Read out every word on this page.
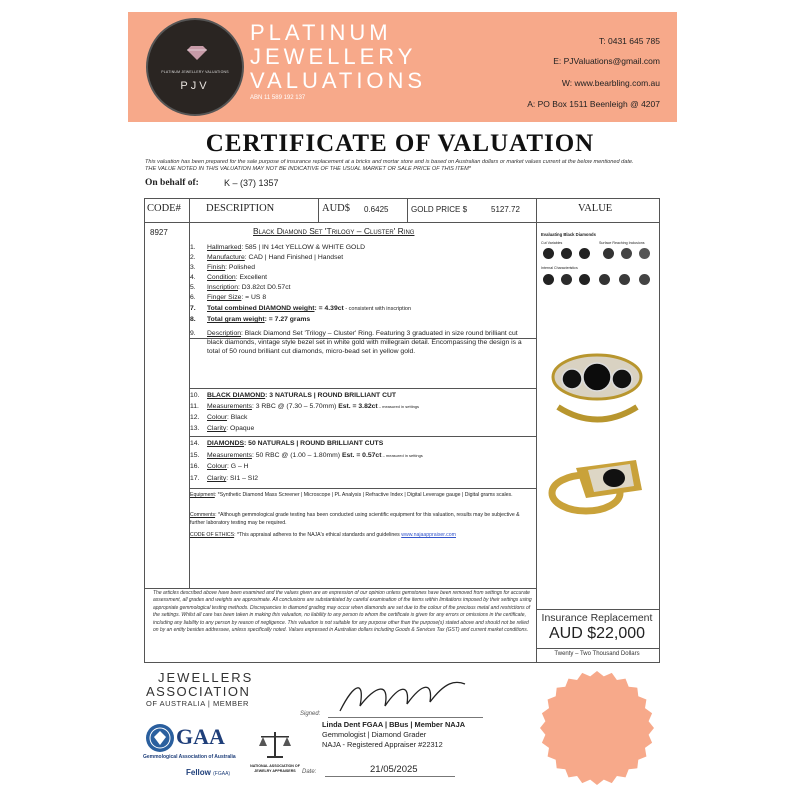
PLATINUM JEWELLERY VALUATIONS
PJV
PLATINUM
JEWELLERY
VALUATIONS
ABN 11 589 192 137
T: 0431 645 785
E: PJValuations@gmail.com
W: www.bearbling.com.au
A: PO Box 1511 Beenleigh @ 4207
CERTIFICATE OF VALUATION
This valuation has been prepared for the sale purpose of insurance replacement at a bricks and mortar store and is based on Australian dollars or market values current at the below mentioned date.
THE VALUE NOTED IN THIS VALUATION MAY NOT BE INDICATIVE OF THE USUAL MARKET OR SALE PRICE OF THIS ITEM*
On behalf of:	K – (37) 1357
CODE# DESCRIPTION	AUD$ 0.6425	GOLD PRICE $	5127.72	VALUE
8927	Black Diamond Set 'Trilogy – Cluster' Ring
1. Hallmarked: 585 | IN 14ct YELLOW & WHITE GOLD
2. Manufacture: CAD | Hand Finished | Handset
3. Finish: Polished
4. Condition: Excellent
5. Inscription: D3.82ct D0.57ct
6. Finger Size: = US 8
7. Total combined DIAMOND weight: = 4.39ct - consistent with inscription
8. Total gram weight: = 7.27 grams
9.	Description: Black Diamond Set 'Trilogy – Cluster' Ring. Featuring 3 graduated in size round brilliant cut black diamonds, vintage style bezel set in white gold with millegrain detail. Encompassing the design is a total of 50 round brilliant cut diamonds, micro-bead set in yellow gold.
10. BLACK DIAMOND: 3 NATURALS | ROUND BRILLIANT CUT
11. Measurements: 3 RBC @ (7.30 – 5.70mm) Est. = 3.82ct – measured in settings
12. Colour: Black
13. Clarity: Opaque
14. DIAMONDS: 50 NATURALS | ROUND BRILLIANT CUTS
15. Measurements: 50 RBC @ (1.00 – 1.80mm) Est. = 0.57ct – measured in settings
16. Colour: G – H
17. Clarity: SI1 – SI2
Equipment: *Synthetic Diamond Mass Screener | Microscope | PL Analysis | Refractive Index | Digital Leverage gauge | Digital grams scales.
Comments: *Although gemmological grade testing has been conducted using scientific equipment for this valuation, results may be subjective & further laboratory testing may be required.
CODE OF ETHICS: *This appraisal adheres to the NAJA's ethical standards and guidelines www.najaappraiser.com
The articles described above have been examined and the values given are an expression of our opinion unless gemstones have been removed from settings for accurate assessment, all grades and weights are approximate. All conclusions are substantiated by careful examination of the items within limitations imposed by their settings using appropriate gemmological testing methods. Discrepancies in diamond grading may occur when diamonds are set due to the colour of the precious metal and restrictions of the settings. Whilst all care has been taken in making this valuation, no liability to any person to whom the certificate is given for any errors or omissions in the certificate, including any liability to any person by reason of negligence. This valuation is not suitable for any purpose other than the purpose(s) stated above and should not be relied on by an entity besides addressee, unless specifically noted. Values expressed in Australian dollars including Goods & Services Tax (GST) and current market conditions.
Evaluating Black Diamonds
Cut Variables	Surface Reaching Inclusions
Internal Characteristics
Insurance Replacement
AUD $22,000
Twenty – Two Thousand Dollars
JEWELLERS
ASSOCIATION
OF AUSTRALIA | MEMBER
GAA
Gemmological Association of Australia
Fellow (FGAA)
NATIONAL ASSOCIATION OF JEWELRY APPRAISERS
Signed:
Linda Dent FGAA | BBus | Member NAJA
Gemmologist | Diamond Grader
NAJA - Registered Appraiser #22312
Date:	21/05/2025
